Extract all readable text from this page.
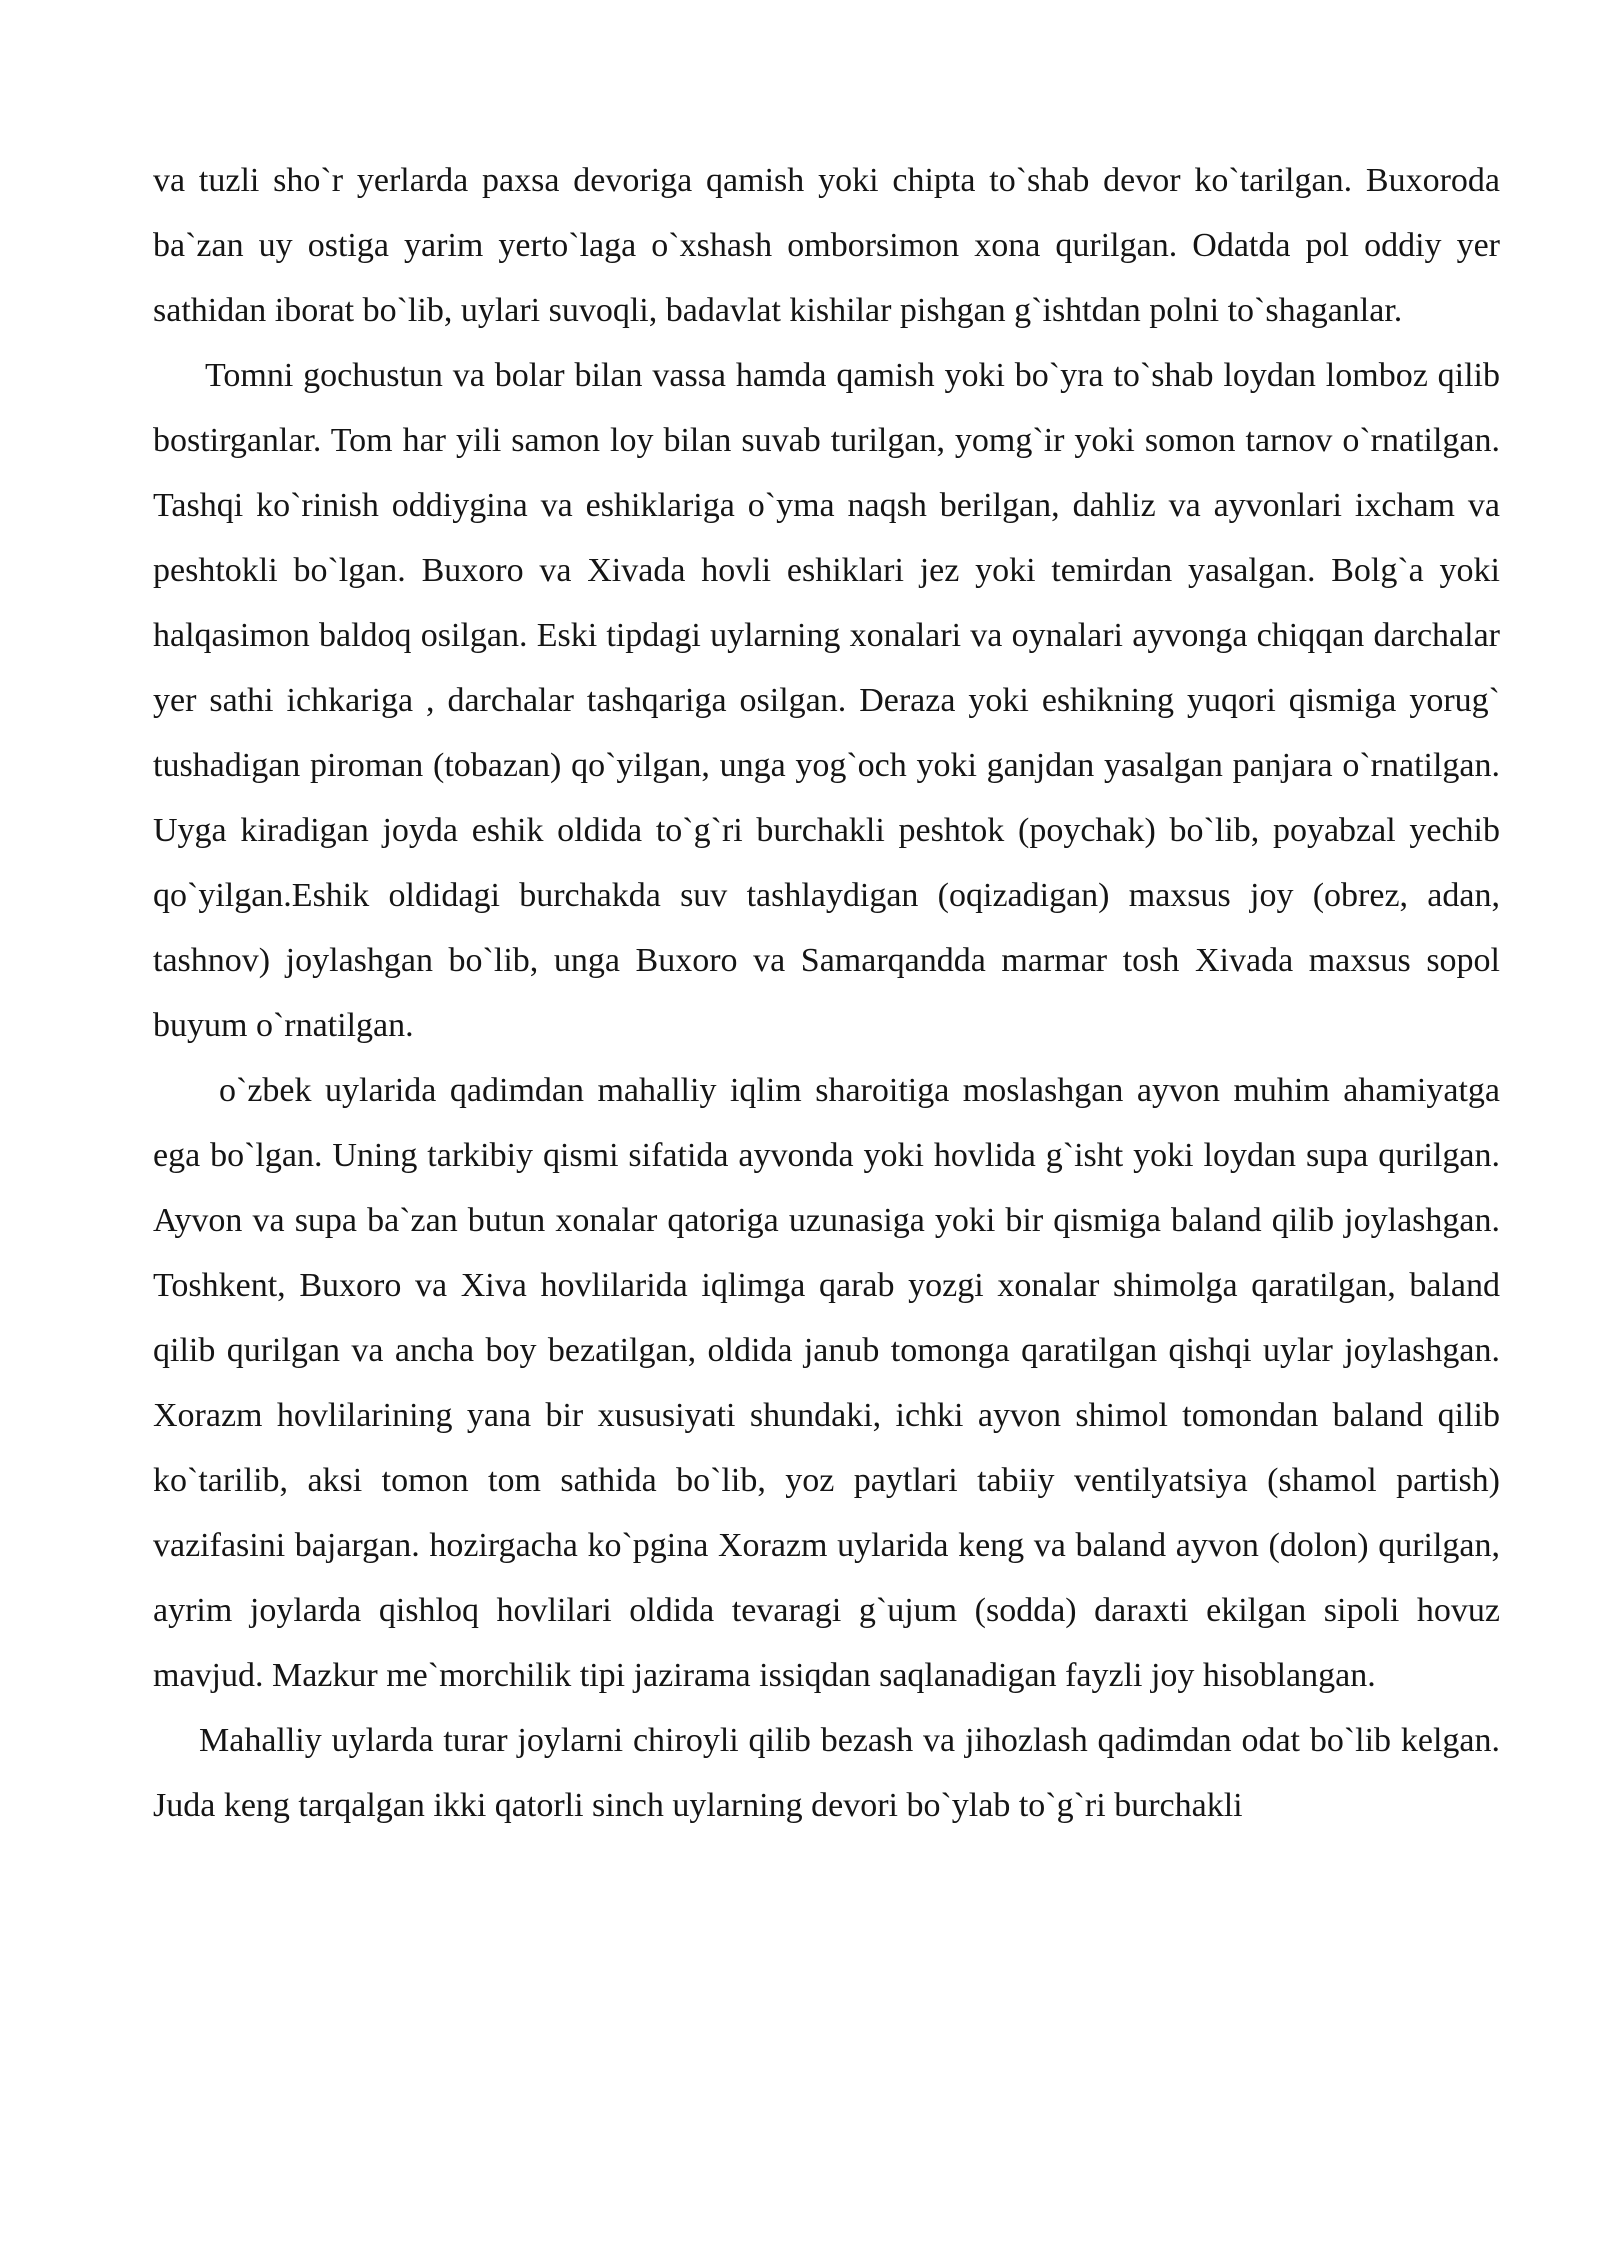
va tuzli sho`r yerlarda paxsa devoriga qamish yoki chipta to`shab devor ko`tarilgan. Buxoroda ba`zan uy ostiga yarim yerto`laga o`xshash omborsimon xona qurilgan. Odatda pol oddiy yer sathidan iborat bo`lib, uylari suvoqli, badavlat kishilar pishgan g`ishtdan polni to`shaganlar.

Tomni gochustun va bolar bilan vassa hamda qamish yoki bo`yra to`shab loydan lomboz qilib bostirganlar. Tom har yili samon loy bilan suvab turilgan, yomg`ir yoki somon tarnov o`rnatilgan. Tashqi ko`rinish oddiygina va eshiklariga o`yma naqsh berilgan, dahliz va ayvonlari ixcham va peshtokli bo`lgan. Buxoro va Xivada hovli eshiklari jez yoki temirdan yasalgan. Bolg`a yoki halqasimon baldoq osilgan. Eski tipdagi uylarning xonalari va oynalari ayvonga chiqqan darchalar yer sathi ichkariga , darchalar tashqariga osilgan. Deraza yoki eshikning yuqori qismiga yorug` tushadigan piroman (tobazan) qo`yilgan, unga yog`och yoki ganjdan yasalgan panjara o`rnatilgan. Uyga kiradigan joyda eshik oldida to`g`ri burchakli peshtok (poychak) bo`lib, poyabzal yechib qo`yilgan.Eshik oldidagi burchakda suv tashlaydigan (oqizadigan) maxsus joy (obrez, adan, tashnov) joylashgan bo`lib, unga Buxoro va Samarqandda marmar tosh Xivada maxsus sopol buyum o`rnatilgan.

o`zbek uylarida qadimdan mahalliy iqlim sharoitiga moslashgan ayvon muhim ahamiyatga ega bo`lgan. Uning tarkibiy qismi sifatida ayvonda yoki hovlida g`isht yoki loydan supa qurilgan. Ayvon va supa ba`zan butun xonalar qatoriga uzunasiga yoki bir qismiga baland qilib joylashgan. Toshkent, Buxoro va Xiva hovlilarida iqlimga qarab yozgi xonalar shimolga qaratilgan, baland qilib qurilgan va ancha boy bezatilgan, oldida janub tomonga qaratilgan qishqi uylar joylashgan. Xorazm hovlilarining yana bir xususiyati shundaki, ichki ayvon shimol tomondan baland qilib ko`tarilib, aksi tomon tom sathida bo`lib, yoz paytlari tabiiy ventilyatsiya (shamol partish) vazifasini bajargan. hozirgacha ko`pgina Xorazm uylarida keng va baland ayvon (dolon) qurilgan, ayrim joylarda qishloq hovlilari oldida tevaragi g`ujum (sodda) daraxti ekilgan sipoli hovuz mavjud. Mazkur me`morchilik tipi jazirama issiqdan saqlanadigan fayzli joy hisoblangan.

Mahalliy uylarda turar joylarni chiroyli qilib bezash va jihozlash qadimdan odat bo`lib kelgan. Juda keng tarqalgan ikki qatorli sinch uylarning devori bo`ylab to`g`ri burchakli
